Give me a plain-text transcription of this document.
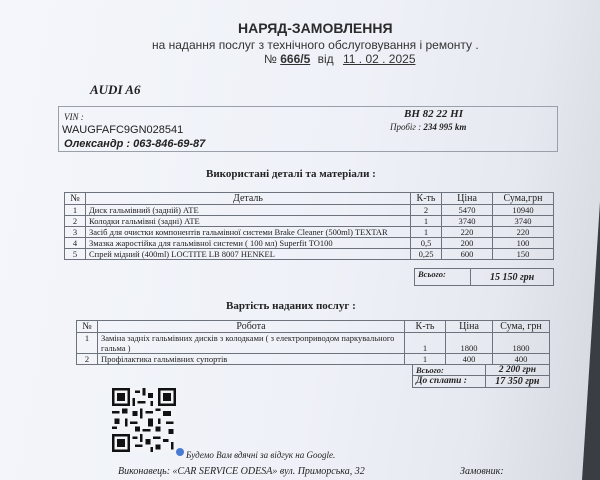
НАРЯД-ЗАМОВЛЕННЯ
на надання послуг з технічного обслуговування і ремонту .
№ 666/5 від 11 . 02 . 2025
AUDI A6
VIN :
WAUGFAFC9GN028541
Олександр : 063-846-69-87
ВН 82 22 НІ
Пробіг : 234 995 km
Використані деталі та матеріали :
№	Деталь	К-ть	Ціна	Сума,грн
1	Диск гальмівний (задній) ATE	2	5470	10940
2	Колодки гальмівні (задні) ATE	1	3740	3740
3	Засіб для очистки компонентів гальмівної системи Brake Cleaner (500ml) TEXTAR	1	220	220
4	Змазка жаростійка для гальмівної системи ( 100 мл) Superfit TO100	0,5	200	100
5	Спрей мідний (400ml) LOCTITE LB 8007 HENKEL	0,25	600	150
Всього:	15 150 грн
Вартість наданих послуг :
№	Робота	К-ть	Ціна	Сума, грн
1	Заміна задніх гальмівних дисків з колодками ( з електроприводом паркувального гальма )	1	1800	1800
2	Профілактика гальмівних супортів	1	400	400
Всього:	2 200 грн
До сплати :	17 350 грн
Будемо Вам вдячні за відгук на Google.
Виконавець: «CAR SERVICE ODESA» вул. Приморська, 32	Замовник:
